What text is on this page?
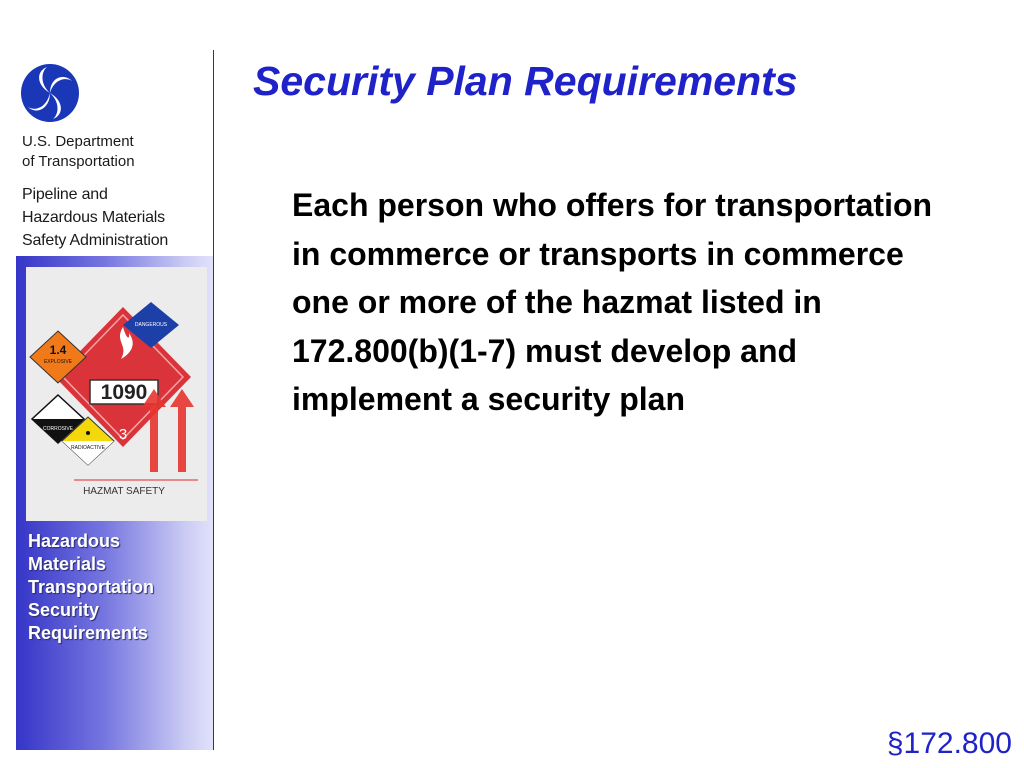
U.S. Department
of Transportation
Pipeline and
Hazardous Materials
Safety Administration
1090
3
DANGEROUS
1.4
EXPLOSIVE
CORROSIVE
RADIOACTIVE
HAZMAT SAFETY
Hazardous
Materials
Transportation
Security
Requirements
Security Plan Requirements

Each person who offers for transportation in commerce or transports in commerce one or more of the hazmat listed in 172.800(b)(1-7) must develop and implement a security plan

§172.800
